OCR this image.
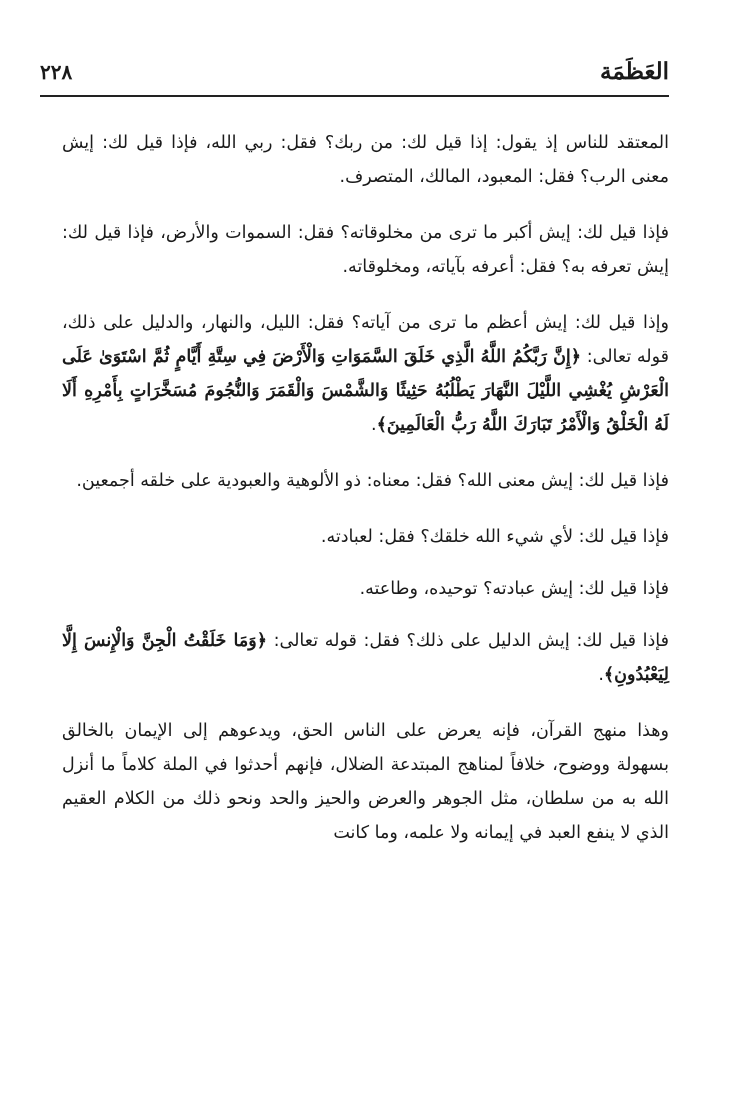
العَظَمَة
٢٢٨

المعتقد للناس إذ يقول: إذا قيل لك: من ربك؟ فقل: ربي الله، فإذا قيل لك: إيش معنى الرب؟ فقل: المعبود، المالك، المتصرف.

فإذا قيل لك: إيش أكبر ما ترى من مخلوقاته؟ فقل: السموات والأرض، فإذا قيل لك: إيش تعرفه به؟ فقل: أعرفه بآياته، ومخلوقاته.

وإذا قيل لك: إيش أعظم ما ترى من آياته؟ فقل: الليل، والنهار، والدليل على ذلك، قوله تعالى: ﴿إِنَّ رَبَّكُمُ اللَّهُ الَّذِي خَلَقَ السَّمَوَاتِ وَالْأَرْضَ فِي سِتَّةِ أَيَّامٍ ثُمَّ اسْتَوَىٰ عَلَى الْعَرْشِ يُغْشِي اللَّيْلَ النَّهَارَ يَطْلُبُهُ حَثِيثًا وَالشَّمْسَ وَالْقَمَرَ وَالنُّجُومَ مُسَخَّرَاتٍ بِأَمْرِهِ أَلَا لَهُ الْخَلْقُ وَالْأَمْرُ تَبَارَكَ اللَّهُ رَبُّ الْعَالَمِينَ﴾.

فإذا قيل لك: إيش معنى الله؟ فقل: معناه: ذو الألوهية والعبودية على خلقه أجمعين.

فإذا قيل لك: لأي شيء الله خلقك؟ فقل: لعبادته.

فإذا قيل لك: إيش عبادته؟ توحيده، وطاعته.

فإذا قيل لك: إيش الدليل على ذلك؟ فقل: قوله تعالى: ﴿وَمَا خَلَقْتُ الْجِنَّ وَالْإِنسَ إِلَّا لِيَعْبُدُونِ﴾.

وهذا منهج القرآن، فإنه يعرض على الناس الحق، ويدعوهم إلى الإيمان بالخالق بسهولة ووضوح، خلافاً لمناهج المبتدعة الضلال، فإنهم أحدثوا في الملة كلاماً ما أنزل الله به من سلطان، مثل الجوهر والعرض والحيز والحد ونحو ذلك من الكلام العقيم الذي لا ينفع العبد في إيمانه ولا علمه، وما كانت
